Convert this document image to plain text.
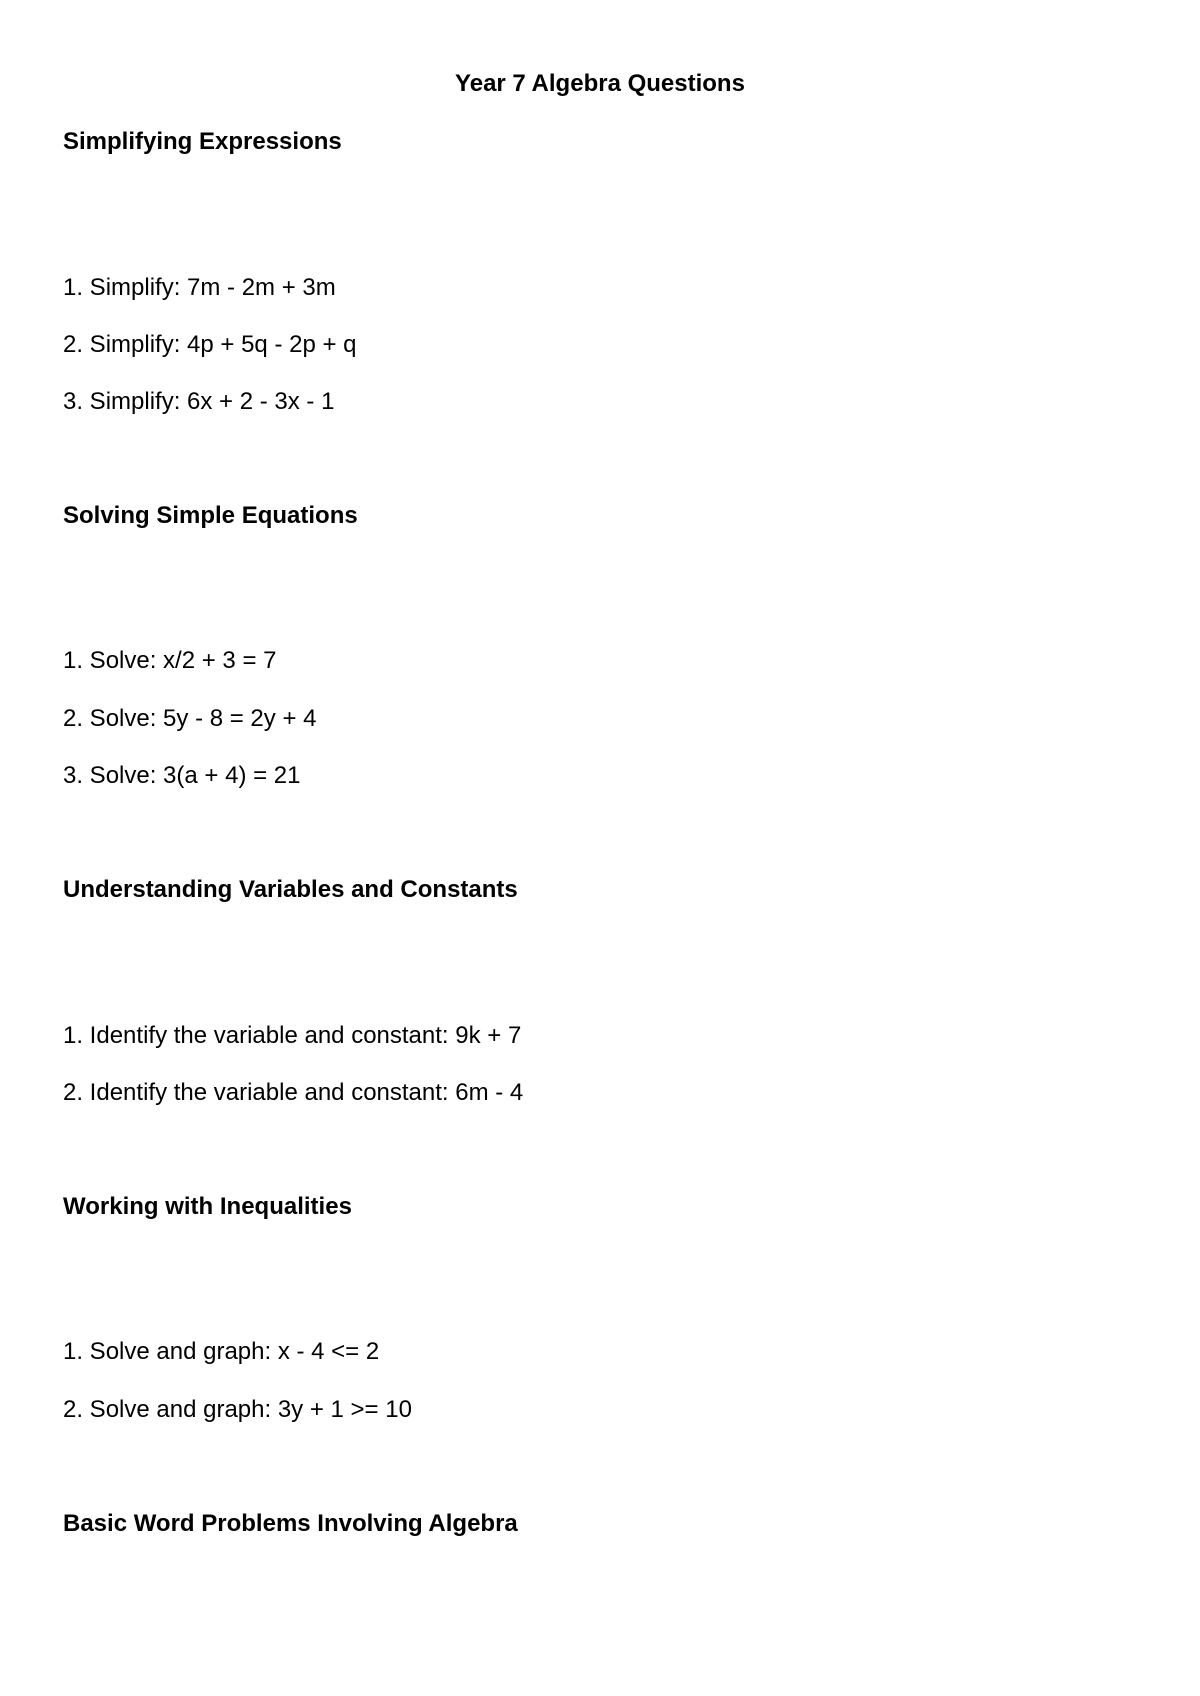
Year 7 Algebra Questions
Simplifying Expressions

1. Simplify: 7m - 2m + 3m

2. Simplify: 4p + 5q - 2p + q

3. Simplify: 6x + 2 - 3x - 1

Solving Simple Equations

1. Solve: x/2 + 3 = 7

2. Solve: 5y - 8 = 2y + 4

3. Solve: 3(a + 4) = 21

Understanding Variables and Constants

1. Identify the variable and constant: 9k + 7

2. Identify the variable and constant: 6m - 4

Working with Inequalities

1. Solve and graph: x - 4 <= 2

2. Solve and graph: 3y + 1 >= 10

Basic Word Problems Involving Algebra
